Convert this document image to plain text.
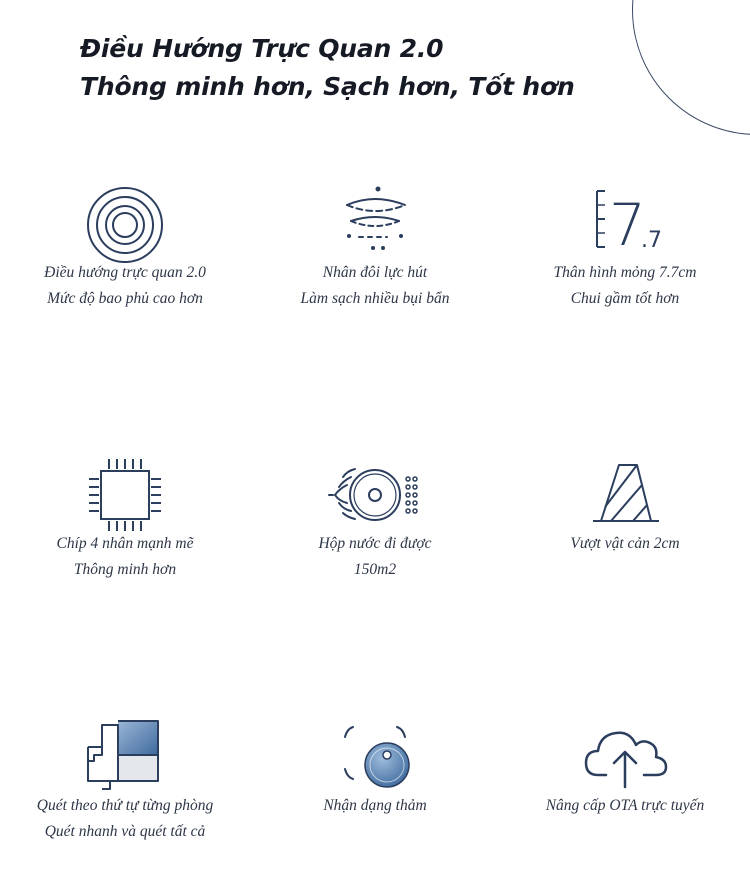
Điều Hướng Trực Quan 2.0
Thông minh hơn, Sạch hơn, Tốt hơn
Điều hướng trực quan 2.0
Mức độ bao phủ cao hơn
Nhân đôi lực hút
Làm sạch nhiều bụi bẩn
7
.7
Thân hình mỏng 7.7cm
Chui gầm tốt hơn
Chíp 4 nhân mạnh mẽ
Thông minh hơn
Hộp nước đi được
150m2
Vượt vật cản 2cm
Quét theo thứ tự từng phòng
Quét nhanh và quét tất cả
Nhận dạng thảm	Nâng cấp OTA trực tuyến
